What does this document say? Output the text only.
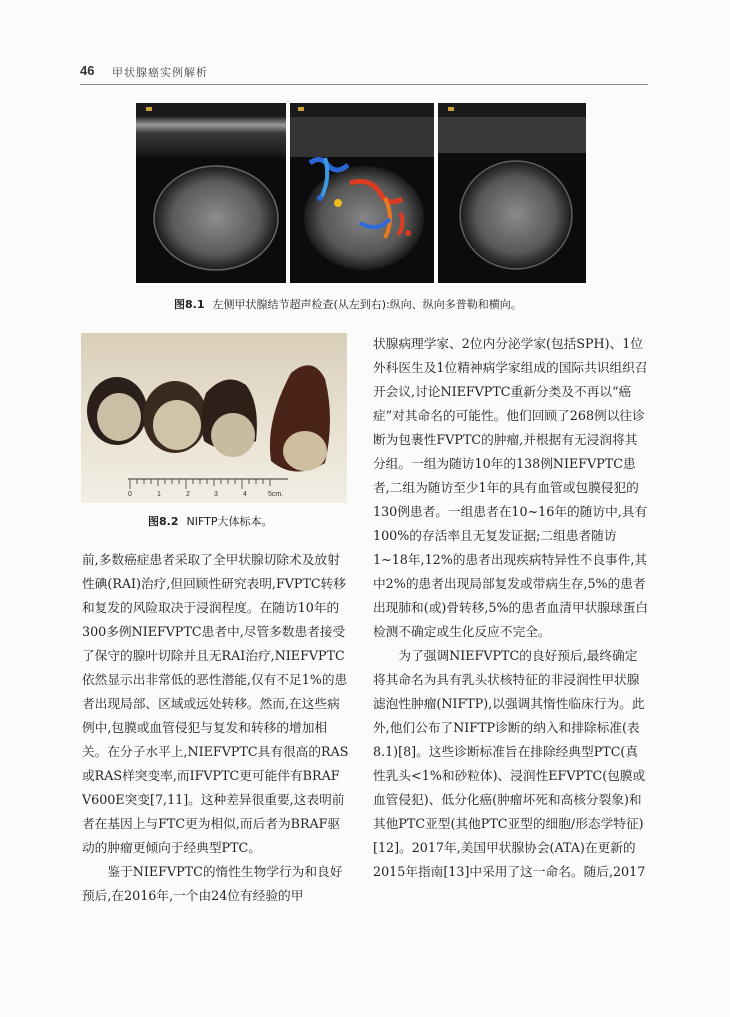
46 甲状腺癌实例解析
图8.1 左侧甲状腺结节超声检查(从左到右):纵向、纵向多普勒和横向。
0	1	2	3	4	5cm.
图8.2 NIFTP大体标本。

前,多数癌症患者采取了全甲状腺切除术及放射性碘(RAI)治疗,但回顾性研究表明,FVPTC转移和复发的风险取决于浸润程度。在随访10年的300多例NIEFVPTC患者中,尽管多数患者接受了保守的腺叶切除并且无RAI治疗,NIEFVPTC依然显示出非常低的恶性潜能,仅有不足1%的患者出现局部、区域或远处转移。然而,在这些病例中,包膜或血管侵犯与复发和转移的增加相关。在分子水平上,NIEFVPTC具有很高的RAS或RAS样突变率,而IFVPTC更可能伴有BRAF V600E突变[7,11]。这种差异很重要,这表明前者在基因上与FTC更为相似,而后者为BRAF驱动的肿瘤更倾向于经典型PTC。

鉴于NIEFVPTC的惰性生物学行为和良好预后,在2016年,一个由24位有经验的甲

状腺病理学家、2位内分泌学家(包括SPH)、1位外科医生及1位精神病学家组成的国际共识组织召开会议,讨论NIEFVPTC重新分类及不再以“癌症”对其命名的可能性。他们回顾了268例以往诊断为包裹性FVPTC的肿瘤,并根据有无浸润将其分组。一组为随访10年的138例NIEFVPTC患者,二组为随访至少1年的具有血管或包膜侵犯的130例患者。一组患者在10~16年的随访中,具有100%的存活率且无复发证据;二组患者随访1~18年,12%的患者出现疾病特异性不良事件,其中2%的患者出现局部复发或带病生存,5%的患者出现肺和(或)骨转移,5%的患者血清甲状腺球蛋白检测不确定或生化反应不完全。

为了强调NIEFVPTC的良好预后,最终确定将其命名为具有乳头状核特征的非浸润性甲状腺滤泡性肿瘤(NIFTP),以强调其惰性临床行为。此外,他们公布了NIFTP诊断的纳入和排除标准(表8.1)[8]。这些诊断标准旨在排除经典型PTC(真性乳头<1%和砂粒体)、浸润性EFVPTC(包膜或血管侵犯)、低分化癌(肿瘤坏死和高核分裂象)和其他PTC亚型(其他PTC亚型的细胞/形态学特征)[12]。2017年,美国甲状腺协会(ATA)在更新的2015年指南[13]中采用了这一命名。随后,2017
